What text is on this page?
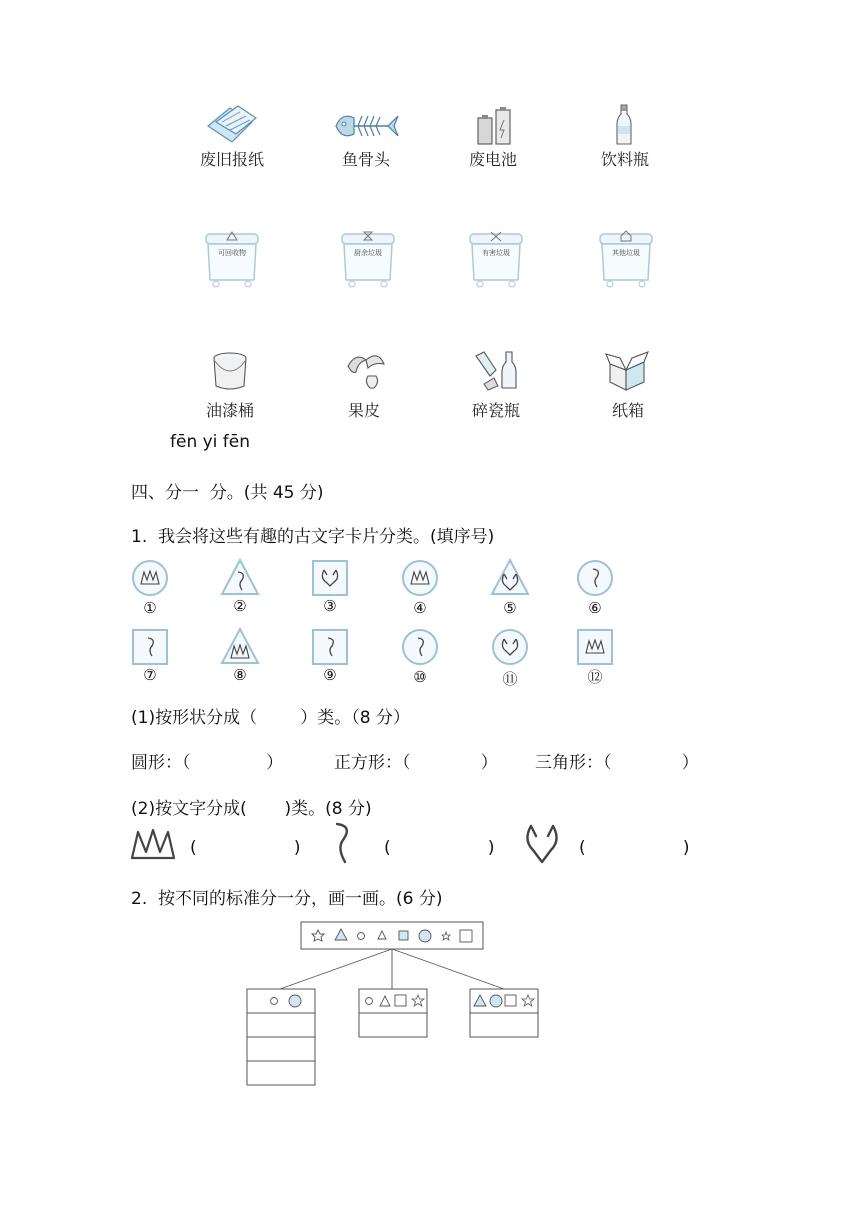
废旧报纸	鱼骨头	废电池	饮料瓶
可回收物	厨余垃圾	有害垃圾	其他垃圾
油漆桶	果皮	碎瓷瓶	纸箱
fēn yi fēn
四、分一  分。(共 45 分)
1.  我会将这些有趣的古文字卡片分类。(填序号)
①	②	③	④	⑤	⑥
⑦	⑧	⑨	⑩	⑪	⑫
(1)按形状分成（        ）类。（8 分）
圆形：（              ）	正方形：（             ） 三角形：（             ）
(2)按文字分成(       )类。(8 分)
(                  )	(                  )	(                  )
2.  按不同的标准分一分，画一画。(6 分)
